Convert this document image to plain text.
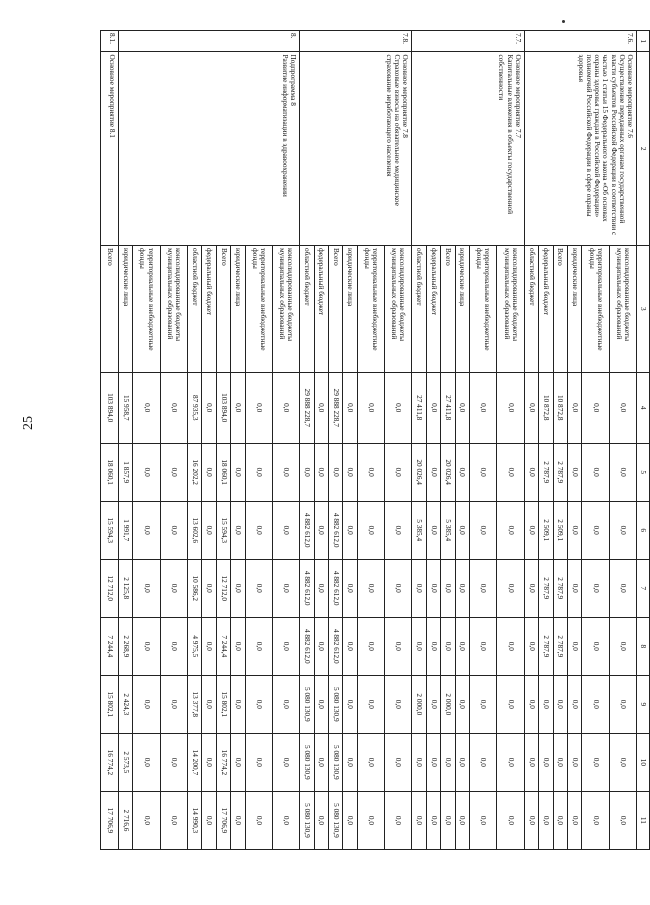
25
1	2	3	4	5	6	7	8	9	10	11
7.6.	Основное мероприятие 7.6
Осуществление переданных органам государственной власти субъектов Российской Федерации в соответствии с частью 1 статьи 15 Федерального закона «Об основах охраны здоровья граждан в Российской Федерации» полномочий Российской Федерации в сфере охраны здоровья	консолидированные бюджеты муниципальных образований	0,0	0,0	0,0	0,0	0,0	0,0	0,0	0,0
		территориальные внебюджетные фонды	0,0	0,0	0,0	0,0	0,0	0,0	0,0	0,0
		юридические лица	0,0	0,0	0,0	0,0	0,0	0,0	0,0	0,0
		Всего	10 872,8	2 787,9	2 509,1	2 787,9	2 787,9	0,0	0,0	0,0
		федеральный бюджет	10 872,8	2 787,9	2 509,1	2 787,9	2 787,9	0,0	0,0	0,0
		областной бюджет	0,0	0,0	0,0	0,0	0,0	0,0	0,0	0,0
7.7.	Основное мероприятие 7.7
Капитальные вложения в объекты государственной собственности	консолидированные бюджеты муниципальных образований	0,0	0,0	0,0	0,0	0,0	0,0	0,0	0,0
		территориальные внебюджетные фонды	0,0	0,0	0,0	0,0	0,0	0,0	0,0	0,0
		юридические лица	0,0	0,0	0,0	0,0	0,0	0,0	0,0	0,0
		Всего	27 411,8	20 026,4	5 385,4	0,0	0,0	2 000,0	0,0	0,0
		федеральный бюджет	0,0	0,0	0,0	0,0	0,0	0,0	0,0	0,0
		областной бюджет	27 411,8	20 026,4	5 385,4	0,0	0,0	2 000,0	0,0	0,0
7.8.	Основное мероприятие 7.8
Страховые взносы на обязательное медицинское страхование неработающего населения	консолидированные бюджеты муниципальных образований	0,0	0,0	0,0	0,0	0,0	0,0	0,0	0,0
		территориальные внебюджетные фонды	0,0	0,0	0,0	0,0	0,0	0,0	0,0	0,0
		юридические лица	0,0	0,0	0,0	0,0	0,0	0,0	0,0	0,0
		Всего	29 888 228,7	0,0	4 882 612,0	4 882 612,0	4 882 612,0	5 080 130,9	5 080 130,9	5 080 130,9
		федеральный бюджет	0,0	0,0	0,0	0,0	0,0	0,0	0,0	0,0
		областной бюджет	29 888 228,7	0,0	4 882 612,0	4 882 612,0	4 882 612,0	5 080 130,9	5 080 130,9	5 080 130,9
8.	Подпрограмма 8
Развитие информатизации в здравоохранении	консолидированные бюджеты муниципальных образований	0,0	0,0	0,0	0,0	0,0	0,0	0,0	0,0
		территориальные внебюджетные фонды	0,0	0,0	0,0	0,0	0,0	0,0	0,0	0,0
		юридические лица	0,0	0,0	0,0	0,0	0,0	0,0	0,0	0,0
		Всего	103 894,0	18 060,1	15 594,3	12 712,0	7 244,4	15 802,1	16 774,2	17 706,9
		федеральный бюджет	0,0	0,0	0,0	0,0	0,0	0,0	0,0	0,0
		областной бюджет	87 935,3	16 202,2	13 602,6	10 586,2	4 975,5	13 377,8	14 200,7	14 990,3
		консолидированные бюджеты муниципальных образований	0,0	0,0	0,0	0,0	0,0	0,0	0,0	0,0
		территориальные внебюджетные фонды	0,0	0,0	0,0	0,0	0,0	0,0	0,0	0,0
		юридические лица	15 958,7	1 857,9	1 991,7	2 125,8	2 268,9	2 424,3	2 573,5	2 716,6
8.1.	Основное мероприятие 8.1	Всего	103 894,0	18 060,1	15 594,3	12 712,0	7 244,4	15 802,1	16 774,2	17 706,9
